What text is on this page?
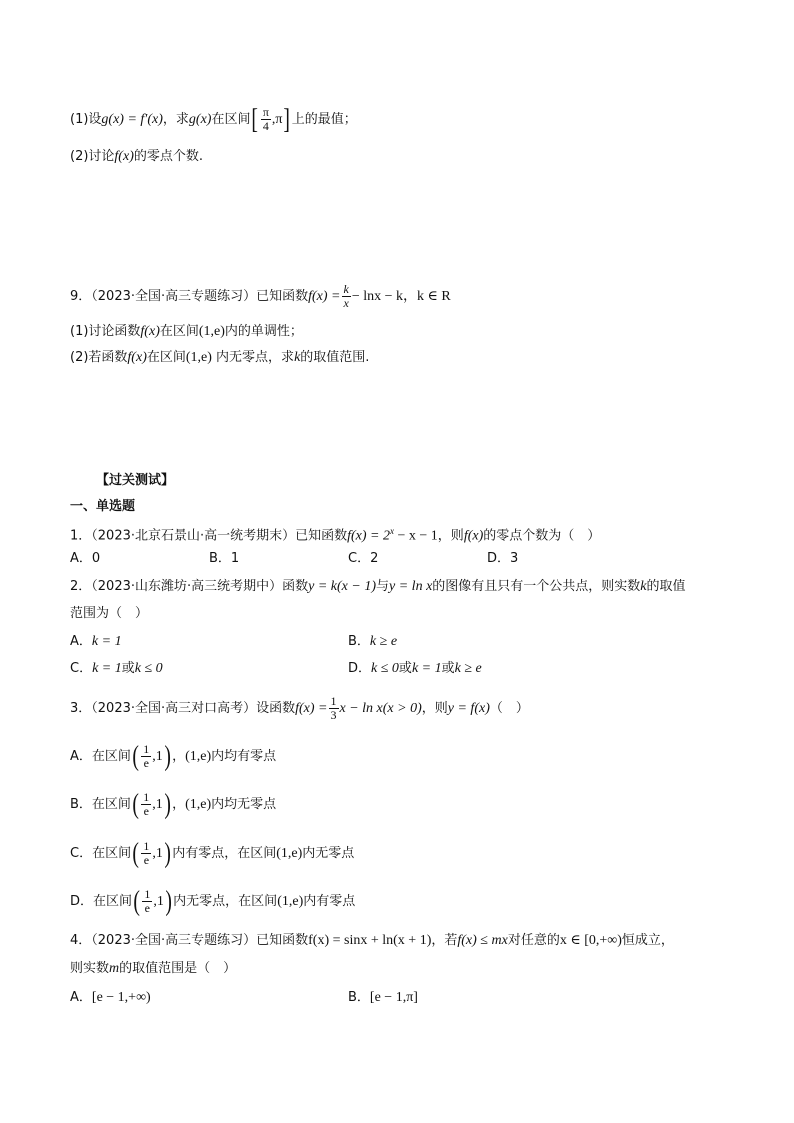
(1)设g(x) = f′(x)，求g(x)在区间[ $\frac{\pi}{4} ,\pi$]上的最值；
(2)讨论f(x)的零点个数.
9．（2023·全国·高三专题练习）已知函数$f(x) = \frac{k}{x} - \ln x - k$，k ∈ R
(1)讨论函数f(x)在区间(1,e)内的单调性；
(2)若函数f(x)在区间(1,e) 内无零点，求k的取值范围.
【过关测试】
一、单选题
1．（2023·北京石景山·高一统考期末）已知函数$f(x) = 2^x - x - 1$，则f(x)的零点个数为（　）
A．0	B．1	C．2	D．3
2．（2023·山东潍坊·高三统考期中）函数y = k(x − 1)与y = ln x的图像有且只有一个公共点，则实数k的取值
范围为（　）
A．k = 1	B．k ≥ e
C．k = 1或k ≤ 0	D．k ≤ 0或k = 1或k ≥ e
3．（2023·全国·高三对口高考）设函数$f(x) = \frac{1}{3}$ x − ln x(x > 0)，则y = f(x)（　）
A．在区间( $\frac{1}{e} ,1$)，(1,e)内均有零点
B．在区间( $\frac{1}{e} ,1$)，(1,e)内均无零点
C．在区间( $\frac{1}{e} ,1$)内有零点，在区间(1,e)内无零点
D．在区间( $\frac{1}{e} ,1$)内无零点，在区间(1,e)内有零点
4．（2023·全国·高三专题练习）已知函数f(x) = sinx + ln(x + 1)，若f(x) ≤ mx对任意的x ∈ [0,+∞)恒成立，
则实数m的取值范围是（　）
A．[e − 1,+∞)	B．[e − 1,π]
